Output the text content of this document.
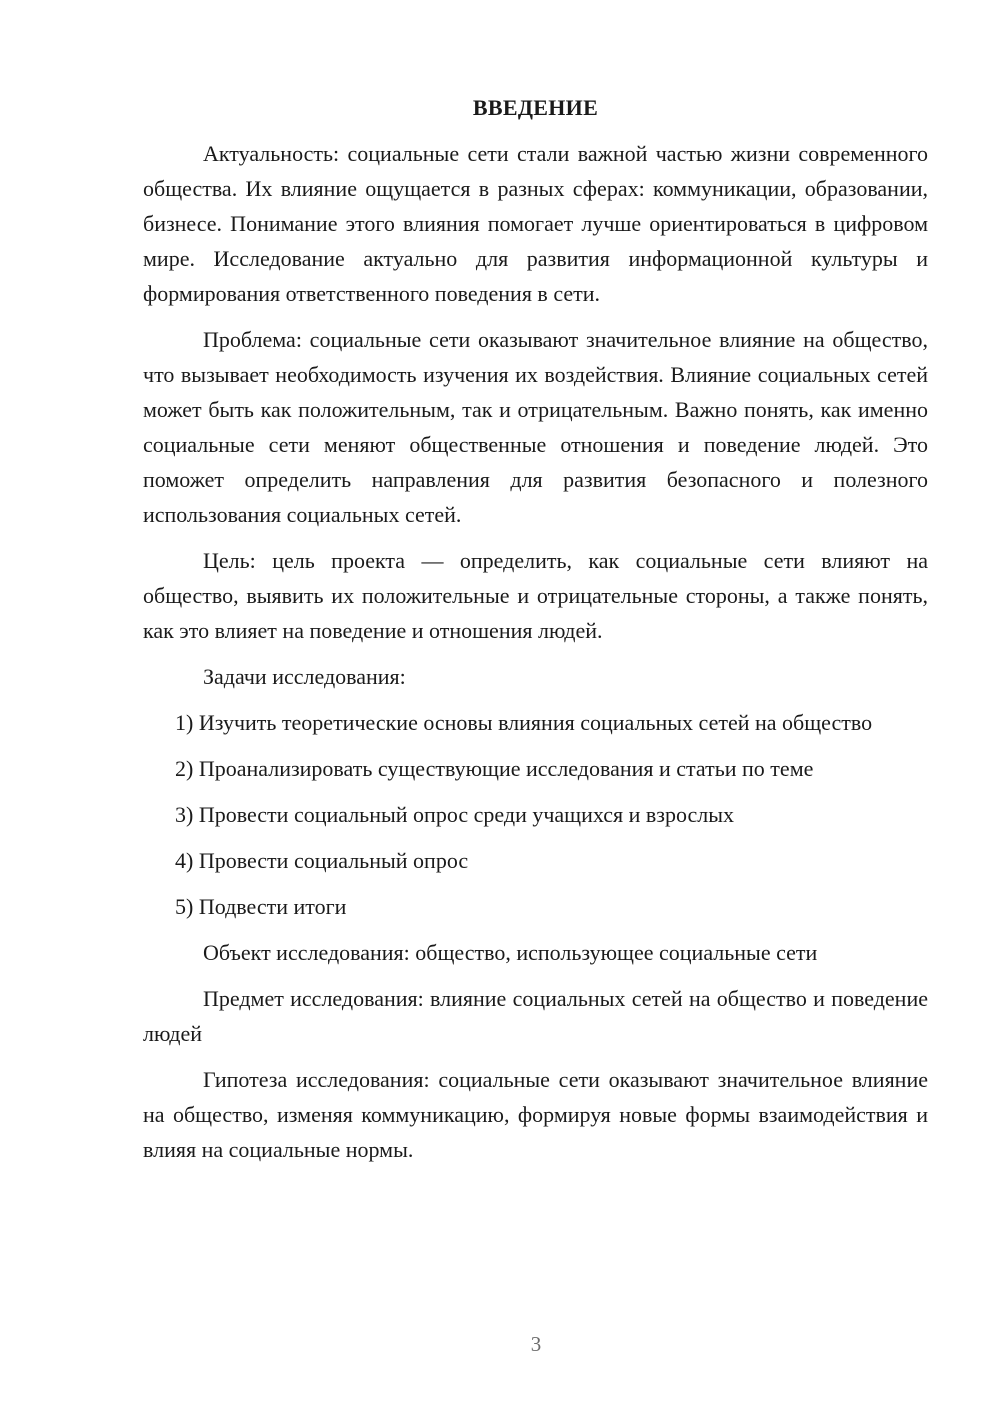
ВВЕДЕНИЕ

Актуальность: социальные сети стали важной частью жизни современного общества. Их влияние ощущается в разных сферах: коммуникации, образовании, бизнесе. Понимание этого влияния помогает лучше ориентироваться в цифровом мире. Исследование актуально для развития информационной культуры и формирования ответственного поведения в сети.

Проблема: социальные сети оказывают значительное влияние на общество, что вызывает необходимость изучения их воздействия. Влияние социальных сетей может быть как положительным, так и отрицательным. Важно понять, как именно социальные сети меняют общественные отношения и поведение людей. Это поможет определить направления для развития безопасного и полезного использования социальных сетей.

Цель: цель проекта — определить, как социальные сети влияют на общество, выявить их положительные и отрицательные стороны, а также понять, как это влияет на поведение и отношения людей.

Задачи исследования:

1) Изучить теоретические основы влияния социальных сетей на общество

2) Проанализировать существующие исследования и статьи по теме

3) Провести социальный опрос среди учащихся и взрослых

4) Провести социальный опрос

5) Подвести итоги

Объект исследования: общество, использующее социальные сети

Предмет исследования: влияние социальных сетей на общество и поведение людей

Гипотеза исследования: социальные сети оказывают значительное влияние на общество, изменяя коммуникацию, формируя новые формы взаимодействия и влияя на социальные нормы.

3
